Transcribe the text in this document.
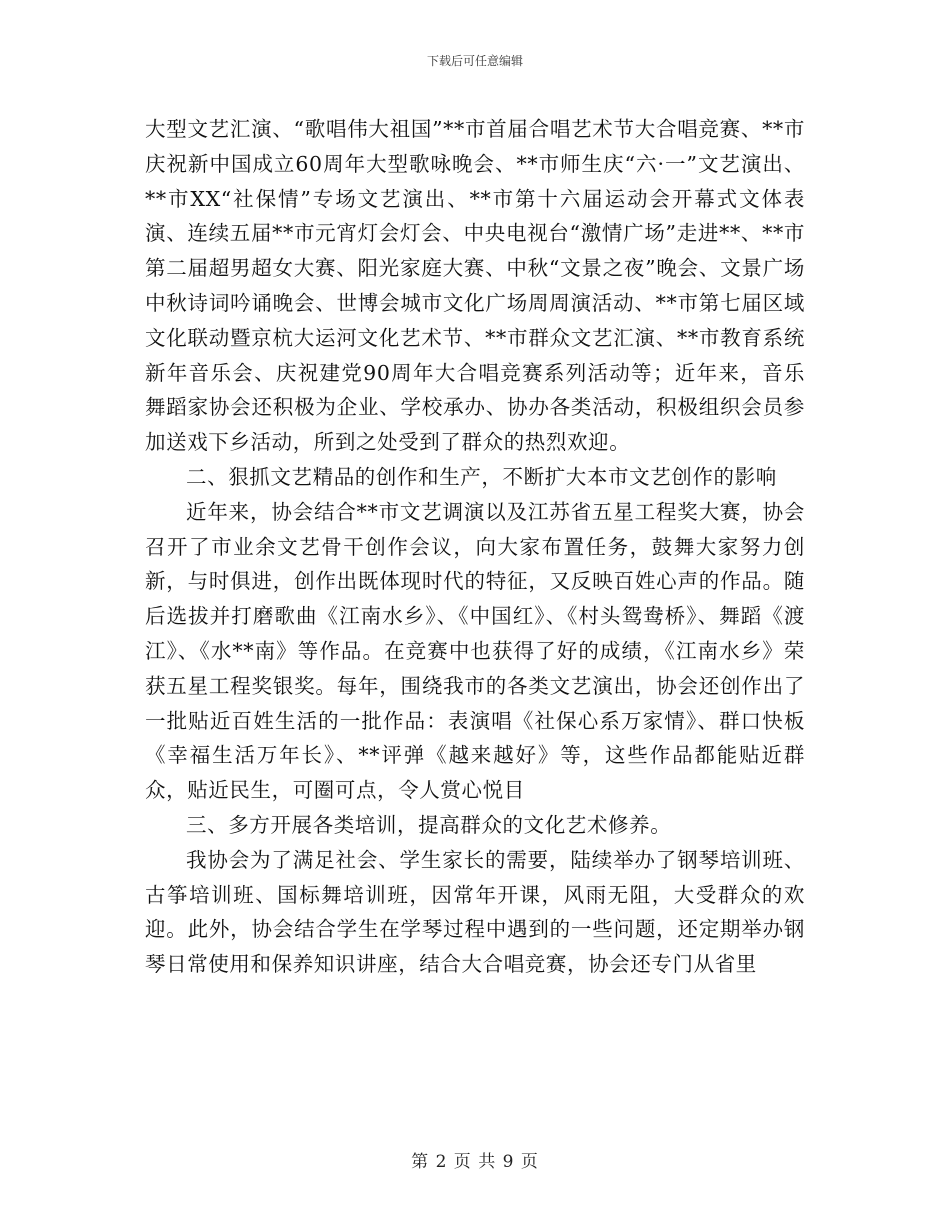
下载后可任意编辑

大型文艺汇演、“歌唱伟大祖国”**市首届合唱艺术节大合唱竞赛、**市庆祝新中国成立60周年大型歌咏晚会、**市师生庆“六·一”文艺演出、**市XX“社保情”专场文艺演出、**市第十六届运动会开幕式文体表演、连续五届**市元宵灯会灯会、中央电视台“激情广场”走进**、**市第二届超男超女大赛、阳光家庭大赛、中秋“文景之夜”晚会、文景广场中秋诗词吟诵晚会、世博会城市文化广场周周演活动、**市第七届区域文化联动暨京杭大运河文化艺术节、**市群众文艺汇演、**市教育系统新年音乐会、庆祝建党90周年大合唱竞赛系列活动等；近年来，音乐舞蹈家协会还积极为企业、学校承办、协办各类活动，积极组织会员参加送戏下乡活动，所到之处受到了群众的热烈欢迎。

二、狠抓文艺精品的创作和生产，不断扩大本市文艺创作的影响

近年来，协会结合**市文艺调演以及江苏省五星工程奖大赛，协会召开了市业余文艺骨干创作会议，向大家布置任务，鼓舞大家努力创新，与时俱进，创作出既体现时代的特征，又反映百姓心声的作品。随后选拔并打磨歌曲《江南水乡》、《中国红》、《村头鸳鸯桥》、舞蹈《渡江》、《水**南》等作品。在竞赛中也获得了好的成绩，《江南水乡》荣获五星工程奖银奖。每年，围绕我市的各类文艺演出，协会还创作出了一批贴近百姓生活的一批作品：表演唱《社保心系万家情》、群口快板《幸福生活万年长》、**评弹《越来越好》等，这些作品都能贴近群众，贴近民生，可圈可点，令人赏心悦目

三、多方开展各类培训，提高群众的文化艺术修养。

我协会为了满足社会、学生家长的需要，陆续举办了钢琴培训班、古筝培训班、国标舞培训班，因常年开课，风雨无阻，大受群众的欢迎。此外，协会结合学生在学琴过程中遇到的一些问题，还定期举办钢琴日常使用和保养知识讲座，结合大合唱竞赛，协会还专门从省里

第 2 页 共 9 页
